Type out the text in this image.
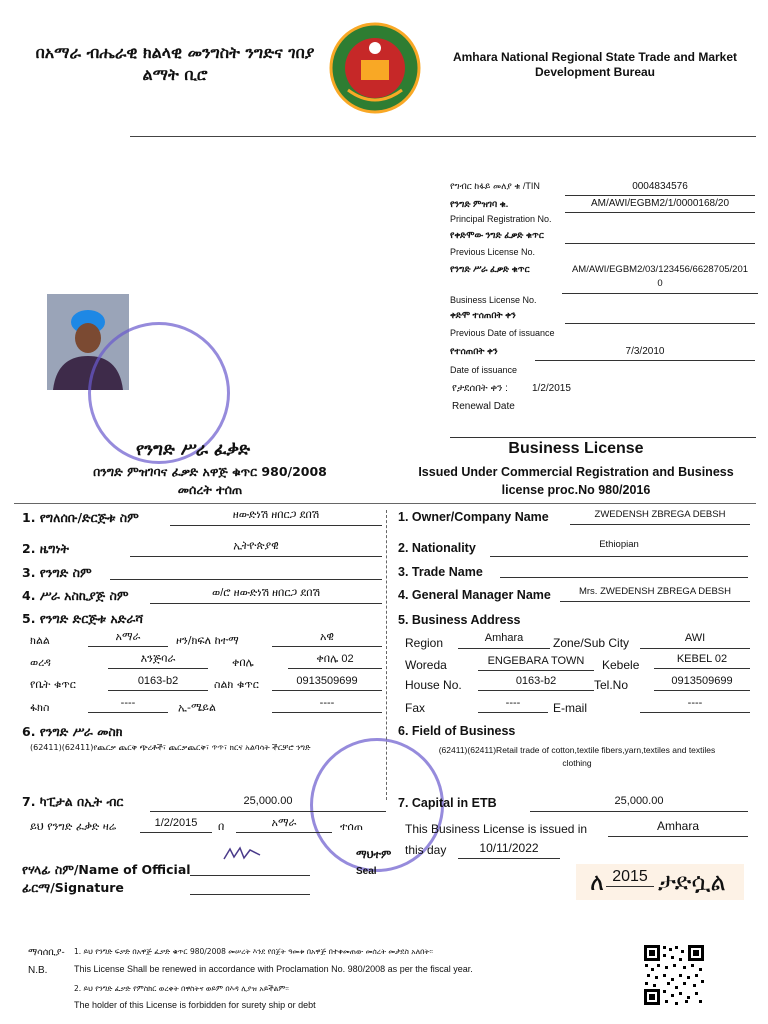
በአማራ ብሔራዊ ክልላዊ መንግስት ንግድና ገበያ ልማት ቢሮ
Amhara National Regional State Trade and Market Development Bureau
የግብር ከፋይ መለያ ቁ /TIN	0004834576
የንግድ ምዝገባ ቁ.	AM/AWI/EGBM2/1/0000168/20
Principal Registration No.
የቀድሞው ንግድ ፈቃድ ቁጥር
Previous License No.
የንግድ ሥራ ፈቃድ ቁጥር	AM/AWI/EGBM2/03/123456/6628705/201
0
Business License No.
ቀድሞ ተሰጠበት ቀን
Previous Date of issuance
የተሰጠበት ቀን	7/3/2010
Date of issuance
የታደሰበት ቀን : 1/2/2015
Renewal Date
የንግድ ሥራ ፈቃድ
በንግድ ምዝገባና ፈቃድ አዋጅ ቁጥር 980/2008
መሰረት ተሰጠ
Business License
Issued Under Commercial Registration and Business
license proc.No 980/2016
1. የግለሰቡ/ድርጅቱ ስም	ዘውድነሽ ዘበርጋ ደበሽ
2. ዜግነት	ኢትዮጵያዊ
3. የንግድ ስም
4. ሥራ አስኪያጅ ስም	ወ/ሮ ዘውድነሽ ዘበርጋ ደበሽ
5. የንግድ ድርጅቱ አድራሻ
ክልል	አማራ	ዞን/ክፍለ ከተማ	አዊ
ወረዳ	እንጅባራ	ቀበሌ	ቀበሌ 02
የቤት ቁጥር	0163-b2	ስልክ ቁጥር	0913509699
ፋክስ	----	ኢ-ሜይል	----
6. የንግድ ሥራ መስክ
(62411)(62411)የጨርቃ ጨርቅ ጭረቶች፣ ጨርቃጨርቅ፣ ጥጥ፣ ክርና አልባሳት ችርቻሮ ንግድ
7. ካፒታል በኢት ብር	25,000.00
ይህ የንግድ ፈቃድ ዛሬ	1/2/2015	በ	አማራ	ተሰጠ
ማህተም
የሃላፊ ስም/Name of Official
ፊርማ/Signature
1. Owner/Company Name	ZWEDENSH ZBREGA DEBSH
2. Nationality	Ethiopian
3. Trade Name
4. General Manager Name	Mrs. ZWEDENSH ZBREGA DEBSH
5. Business Address
Region	Amhara	Zone/Sub City	AWI
Woreda	ENGEBARA TOWN	Kebele	KEBEL 02
House No.	0163-b2	Tel.No	0913509699
Fax	----	E-mail	----
6. Field of Business
(62411)(62411)Retail trade of cotton,textile fibers,yarn,textiles and textiles
clothing
7. Capital in ETB	25,000.00
This Business License is issued in	Amhara
this day	10/11/2022
Seal	ለ 2015 ታድሷል
ማሳሰቢያ-
N.B.
1. ይህ የንግድ ፍቃድ በአዋጅ ፈቃድ ቁጥር 980/2008 መሠረት እንደ የበጀት ዓመቱ በአዋጅ በተቀመጠው መሰረት መታደስ አለበት፡፡
This License Shall be renewed in accordance with Proclamation No. 980/2008 as per the fiscal year.
2. ይህ የንግድ ፈቃድ የምስክር ወረቀት በዋስትና ወይም በእዳ ሊያዝ አይችልም፡፡
The holder of this License is forbidden for surety ship or debt
